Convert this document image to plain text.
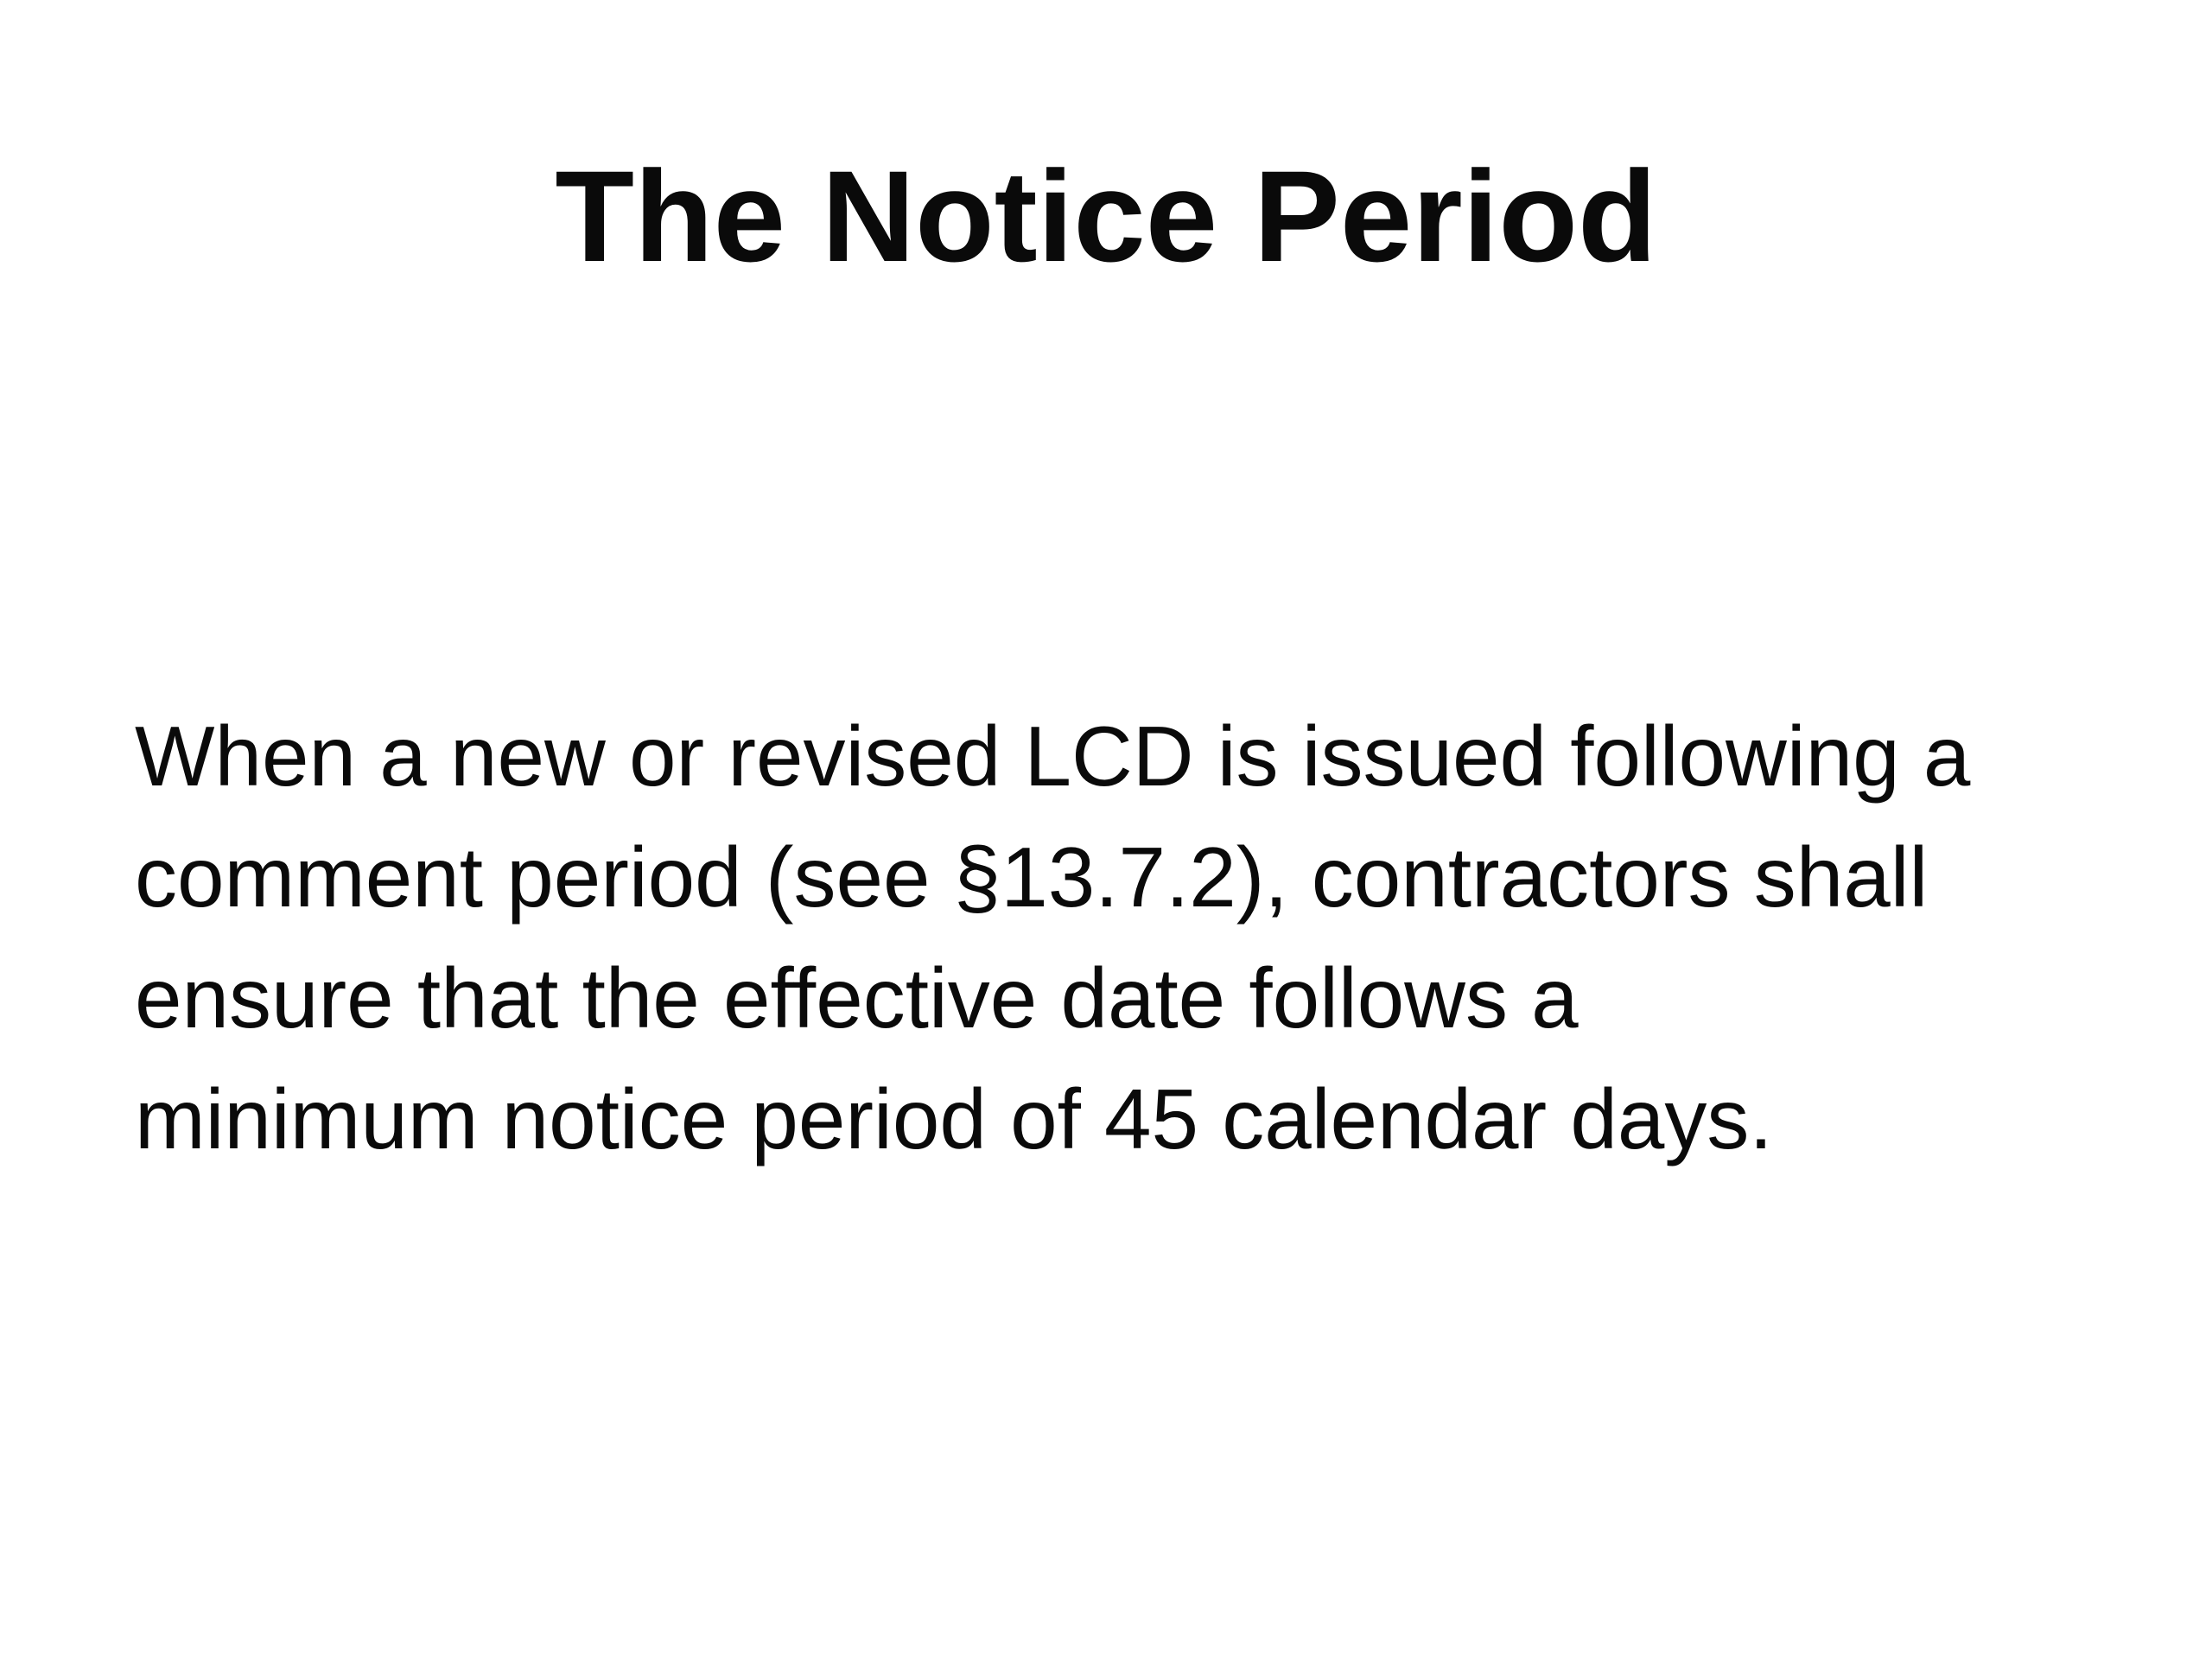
The Notice Period

When a new or revised LCD is issued following a
comment period (see §13.7.2), contractors shall
ensure that the effective date follows a
minimum notice period of 45 calendar days.
